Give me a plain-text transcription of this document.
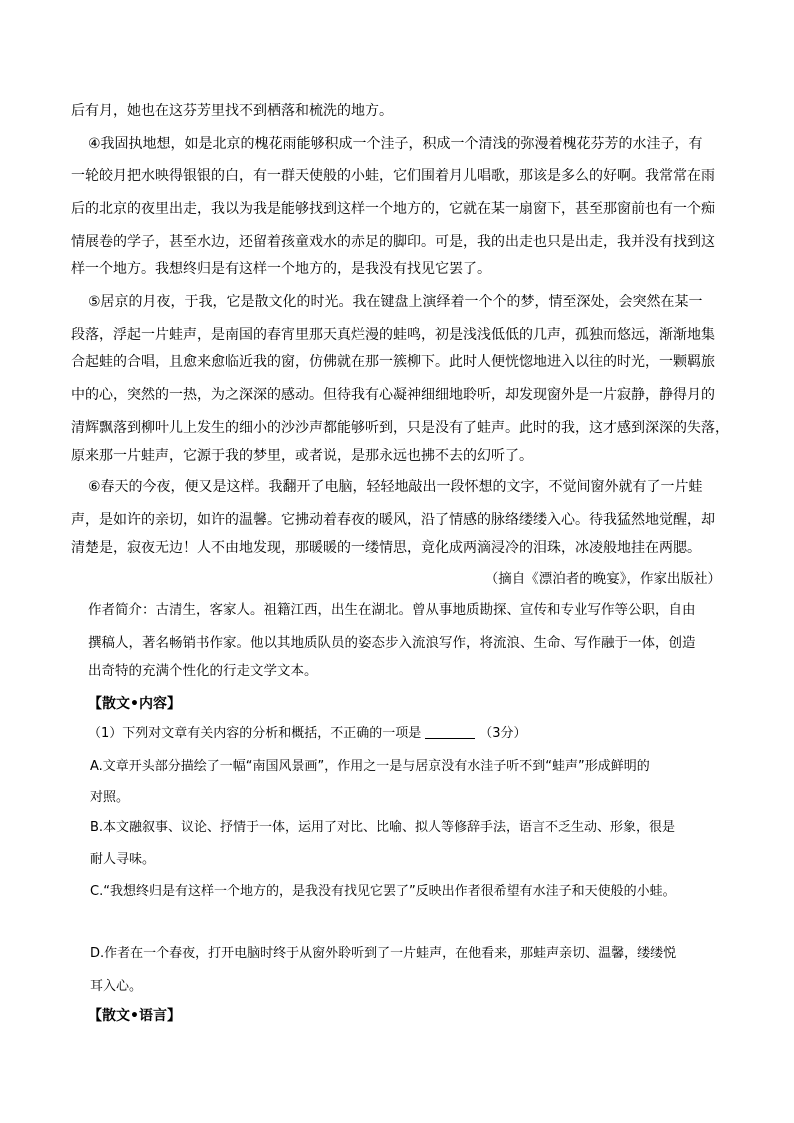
后有月，她也在这芬芳里找不到栖落和梳洗的地方。
④我固执地想，如是北京的槐花雨能够积成一个洼子，积成一个清浅的弥漫着槐花芬芳的水洼子，有
一轮皎月把水映得银银的白，有一群天使般的小蛙，它们围着月儿唱歌，那该是多么的好啊。我常常在雨
后的北京的夜里出走，我以为我是能够找到这样一个地方的，它就在某一扇窗下，甚至那窗前也有一个痴
情展卷的学子，甚至水边，还留着孩童戏水的赤足的脚印。可是，我的出走也只是出走，我并没有找到这
样一个地方。我想终归是有这样一个地方的，是我没有找见它罢了。
⑤居京的月夜，于我，它是散文化的时光。我在键盘上演绎着一个个的梦，情至深处，会突然在某一
段落，浮起一片蛙声，是南国的春宵里那天真烂漫的蛙鸣，初是浅浅低低的几声，孤独而悠远，渐渐地集
合起蛙的合唱，且愈来愈临近我的窗，仿佛就在那一簇柳下。此时人便恍惚地进入以往的时光，一颗羁旅
中的心，突然的一热，为之深深的感动。但待我有心凝神细细地聆听，却发现窗外是一片寂静，静得月的
清辉飘落到柳叶儿上发生的细小的沙沙声都能够听到，只是没有了蛙声。此时的我，这才感到深深的失落，
原来那一片蛙声，它源于我的梦里，或者说，是那永远也拂不去的幻听了。
⑥春天的今夜，便又是这样。我翻开了电脑，轻轻地敲出一段怀想的文字，不觉间窗外就有了一片蛙
声，是如许的亲切，如许的温馨。它拂动着春夜的暖风，沿了情感的脉络缕缕入心。待我猛然地觉醒，却
清楚是，寂夜无边！人不由地发现，那暖暖的一缕情思，竟化成两滴浸冷的泪珠，冰凌般地挂在两腮。
（摘自《漂泊者的晚宴》，作家出版社）
作者简介：古清生，客家人。祖籍江西，出生在湖北。曾从事地质勘探、宣传和专业写作等公职，自由
撰稿人，著名畅销书作家。他以其地质队员的姿态步入流浪写作，将流浪、生命、写作融于一体，创造
出奇特的充满个性化的行走文学文本。
【散文•内容】
（1）下列对文章有关内容的分析和概括，不正确的一项是	（3分）
A.文章开头部分描绘了一幅“南国风景画”，作用之一是与居京没有水洼子听不到“蛙声”形成鲜明的
对照。
B.本文融叙事、议论、抒情于一体，运用了对比、比喻、拟人等修辞手法，语言不乏生动、形象，很是
耐人寻味。
C.“我想终归是有这样一个地方的，是我没有找见它罢了”反映出作者很希望有水洼子和天使般的小蛙。
D.作者在一个春夜，打开电脑时终于从窗外聆听到了一片蛙声，在他看来，那蛙声亲切、温馨，缕缕悦
耳入心。
【散文•语言】
